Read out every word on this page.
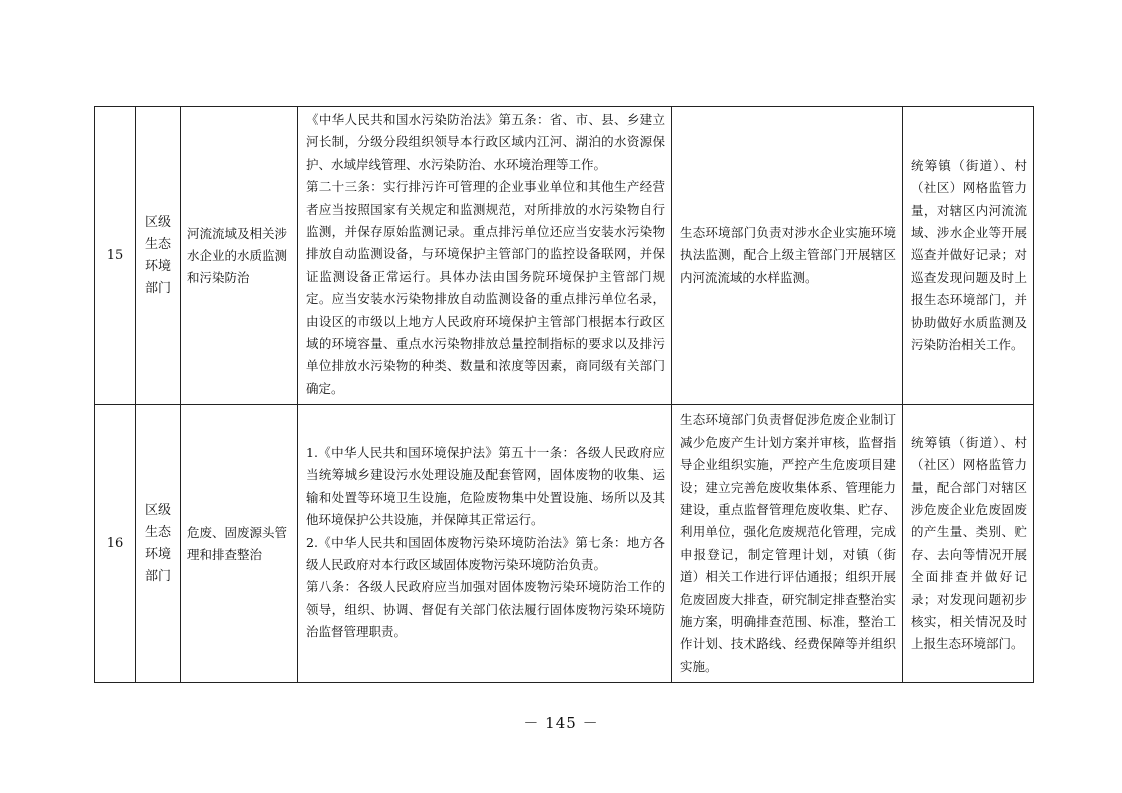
15	区级生态环境部门	河流流域及相关涉水企业的水质监测和污染防治	《中华人民共和国水污染防治法》第五条：省、市、县、乡建立河长制，分级分段组织领导本行政区域内江河、湖泊的水资源保护、水域岸线管理、水污染防治、水环境治理等工作。
第二十三条：实行排污许可管理的企业事业单位和其他生产经营者应当按照国家有关规定和监测规范，对所排放的水污染物自行监测，并保存原始监测记录。重点排污单位还应当安装水污染物排放自动监测设备，与环境保护主管部门的监控设备联网，并保证监测设备正常运行。具体办法由国务院环境保护主管部门规定。应当安装水污染物排放自动监测设备的重点排污单位名录，由设区的市级以上地方人民政府环境保护主管部门根据本行政区域的环境容量、重点水污染物排放总量控制指标的要求以及排污单位排放水污染物的种类、数量和浓度等因素，商同级有关部门确定。	生态环境部门负责对涉水企业实施环境执法监测，配合上级主管部门开展辖区内河流流域的水样监测。	统筹镇（街道）、村（社区）网格监管力量，对辖区内河流流域、涉水企业等开展巡查并做好记录；对巡查发现问题及时上报生态环境部门，并协助做好水质监测及污染防治相关工作。

16	区级生态环境部门	危废、固废源头管理和排查整治	1.《中华人民共和国环境保护法》第五十一条：各级人民政府应当统筹城乡建设污水处理设施及配套管网，固体废物的收集、运输和处置等环境卫生设施，危险废物集中处置设施、场所以及其他环境保护公共设施，并保障其正常运行。
2.《中华人民共和国固体废物污染环境防治法》第七条：地方各级人民政府对本行政区域固体废物污染环境防治负责。
第八条：各级人民政府应当加强对固体废物污染环境防治工作的领导，组织、协调、督促有关部门依法履行固体废物污染环境防治监督管理职责。	生态环境部门负责督促涉危废企业制订减少危废产生计划方案并审核，监督指导企业组织实施，严控产生危废项目建设；建立完善危废收集体系、管理能力建设，重点监督管理危废收集、贮存、利用单位，强化危废规范化管理，完成申报登记，制定管理计划，对镇（街道）相关工作进行评估通报；组织开展危废固废大排查，研究制定排查整治实施方案，明确排查范围、标准，整治工作计划、技术路线、经费保障等并组织实施。	统筹镇（街道）、村（社区）网格监管力量，配合部门对辖区涉危废企业危废固废的产生量、类别、贮存、去向等情况开展全面排查并做好记录；对发现问题初步核实，相关情况及时上报生态环境部门。
－ 145 －
